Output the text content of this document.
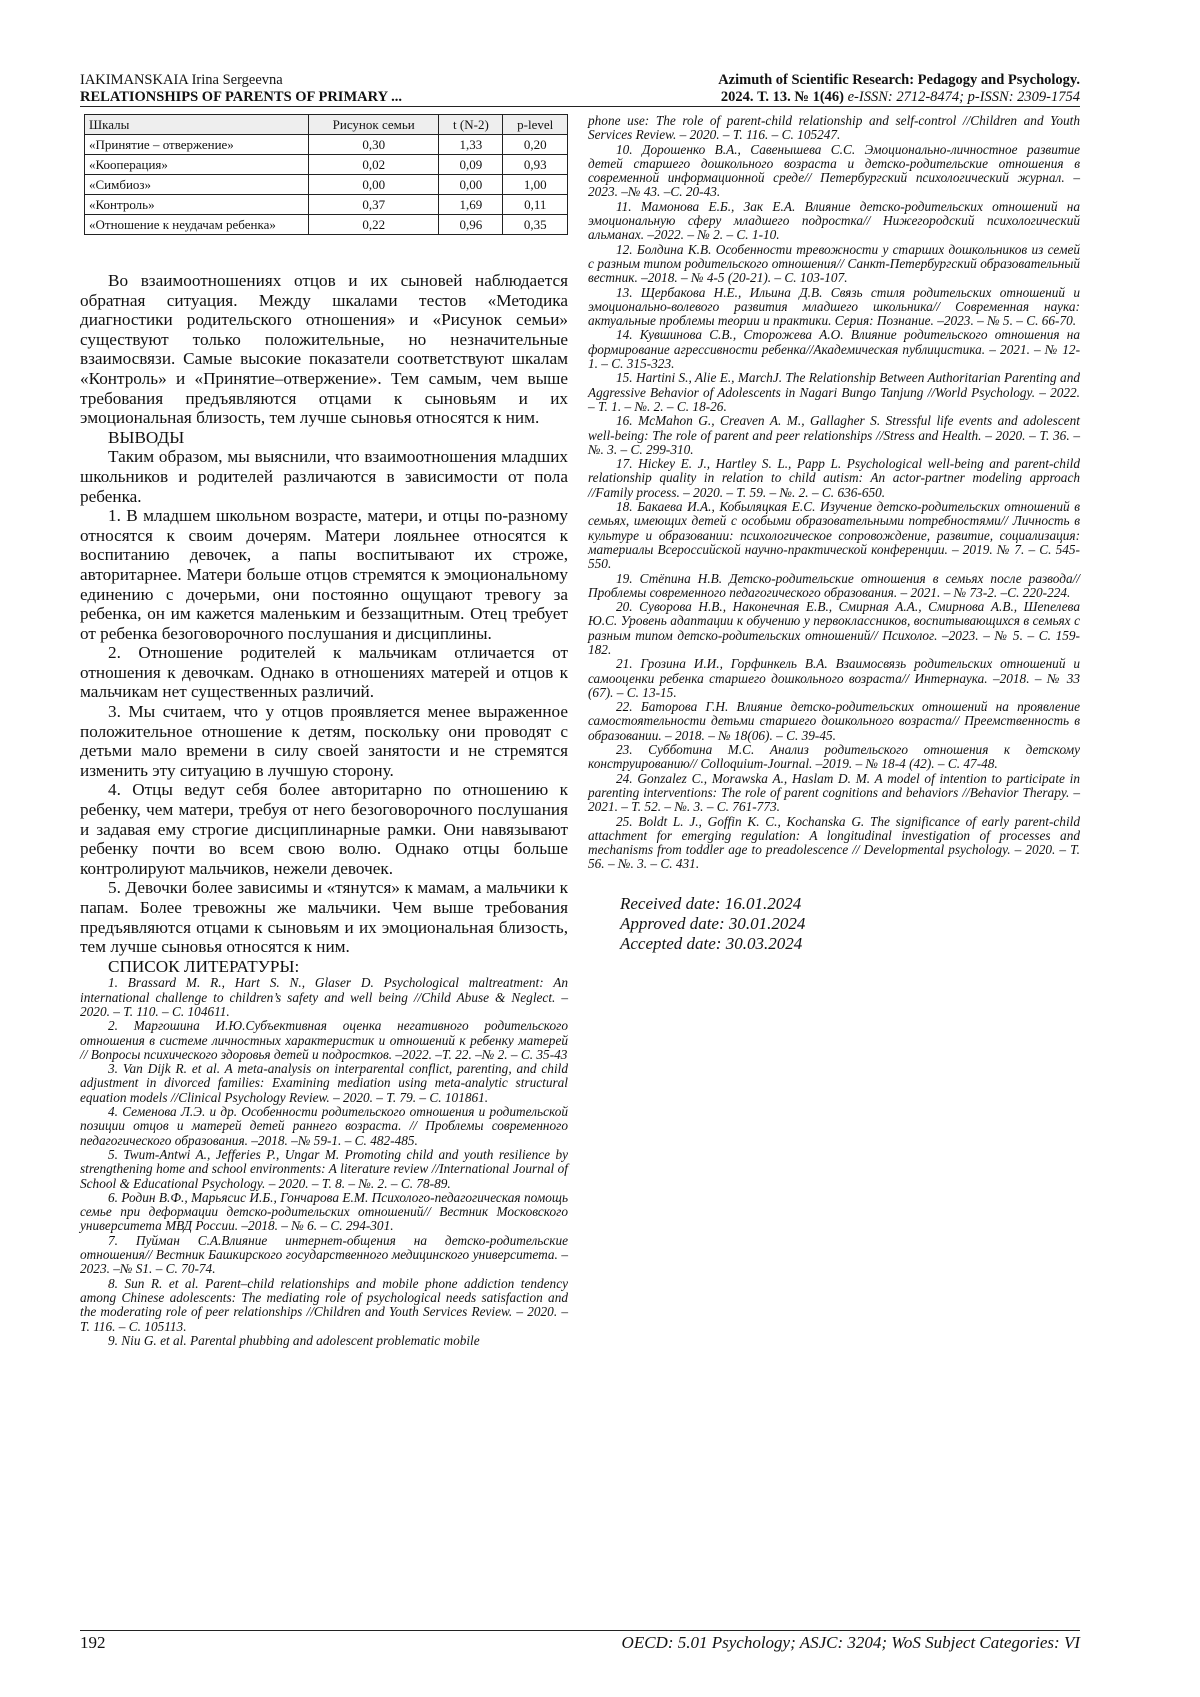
IAKIMANSKAIA Irina Sergeevna
RELATIONSHIPS OF PARENTS OF PRIMARY ...
Azimuth of Scientific Research: Pedagogy and Psychology.
2024. Т. 13. № 1(46) e-ISSN: 2712-8474; p-ISSN: 2309-1754
Шкалы	Рисунок семьи	t (N-2)	p-level
«Принятие – отвержение»	0,30	1,33	0,20
«Кооперация»	0,02	0,09	0,93
«Симбиоз»	0,00	0,00	1,00
«Контроль»	0,37	1,69	0,11
«Отношение к неудачам ребенка»	0,22	0,96	0,35

Во взаимоотношениях отцов и их сыновей наблюдается обратная ситуация. Между шкалами тестов «Методика диагностики родительского отношения» и «Рисунок семьи» существуют только положительные, но незначительные взаимосвязи. Самые высокие показатели соответствуют шкалам «Контроль» и «Принятие–отвержение». Тем самым, чем выше требования предъявляются отцами к сыновьям и их эмоциональная близость, тем лучше сыновья относятся к ним.

ВЫВОДЫ

Таким образом, мы выяснили, что взаимоотношения младших школьников и родителей различаются в зависимости от пола ребенка.

1. В младшем школьном возрасте, матери, и отцы по-разному относятся к своим дочерям. Матери лояльнее относятся к воспитанию девочек, а папы воспитывают их строже, авторитарнее. Матери больше отцов стремятся к эмоциональному единению с дочерьми, они постоянно ощущают тревогу за ребенка, он им кажется маленьким и беззащитным. Отец требует от ребенка безоговорочного послушания и дисциплины.

2. Отношение родителей к мальчикам отличается от отношения к девочкам. Однако в отношениях матерей и отцов к мальчикам нет существенных различий.

3. Мы считаем, что у отцов проявляется менее выраженное положительное отношение к детям, поскольку они проводят с детьми мало времени в силу своей занятости и не стремятся изменить эту ситуацию в лучшую сторону.

4. Отцы ведут себя более авторитарно по отношению к ребенку, чем матери, требуя от него безоговорочного послушания и задавая ему строгие дисциплинарные рамки. Они навязывают ребенку почти во всем свою волю. Однако отцы больше контролируют мальчиков, нежели девочек.

5. Девочки более зависимы и «тянутся» к мамам, а мальчики к папам. Более тревожны же мальчики. Чем выше требования предъявляются отцами к сыновьям и их эмоциональная близость, тем лучше сыновья относятся к ним.

СПИСОК ЛИТЕРАТУРЫ:

1. Brassard M. R., Hart S. N., Glaser D. Psychological maltreatment: An international challenge to children’s safety and well being //Child Abuse & Neglect. – 2020. – Т. 110. – С. 104611.

2. Маргошина И.Ю.Субъективная оценка негативного родительского отношения в системе личностных характеристик и отношений к ребенку матерей // Вопросы психического здоровья детей и подростков. –2022. –Т. 22. –№ 2. – С. 35-43

3. Van Dijk R. et al. A meta-analysis on interparental conflict, parenting, and child adjustment in divorced families: Examining mediation using meta-analytic structural equation models //Clinical Psychology Review. – 2020. – Т. 79. – С. 101861.

4. Семенова Л.Э. и др. Особенности родительского отношения и родительской позиции отцов и матерей детей раннего возраста. // Проблемы современного педагогического образования. –2018. –№ 59-1. – С. 482-485.

5. Twum-Antwi A., Jefferies P., Ungar M. Promoting child and youth resilience by strengthening home and school environments: A literature review //International Journal of School & Educational Psychology. – 2020. – Т. 8. – №. 2. – С. 78-89.

6. Родин В.Ф., Марьясис И.Б., Гончарова Е.М. Психолого-педагогическая помощь семье при деформации детско-родительских отношений// Вестник Московского университета МВД России. –2018. – № 6. – С. 294-301.

7. Пуйман С.А.Влияние интернет-общения на детско-родительские отношения// Вестник Башкирского государственного медицинского университета. –2023. –№ S1. – С. 70-74.

8. Sun R. et al. Parent–child relationships and mobile phone addiction tendency among Chinese adolescents: The mediating role of psychological needs satisfaction and the moderating role of peer relationships //Children and Youth Services Review. – 2020. – Т. 116. – С. 105113.

9. Niu G. et al. Parental phubbing and adolescent problematic mobile

phone use: The role of parent-child relationship and self-control //Children and Youth Services Review. – 2020. – Т. 116. – С. 105247.

10. Дорошенко В.А., Савенышева С.С. Эмоционально-личностное развитие детей старшего дошкольного возраста и детско-родительские отношения в современной информационной среде// Петербургский психологический журнал. – 2023. –№ 43. –С. 20-43.

11. Мамонова Е.Б., Зак Е.А. Влияние детско-родительских отношений на эмоциональную сферу младшего подростка// Нижегородский психологический альманах. –2022. – № 2. – С. 1-10.

12. Болдина К.В. Особенности тревожности у старших дошкольников из семей с разным типом родительского отношения// Санкт-Петербургский образовательный вестник. –2018. – № 4-5 (20-21). – С. 103-107.

13. Щербакова Н.Е., Ильина Д.В. Связь стиля родительских отношений и эмоционально-волевого развития младшего школьника// Современная наука: актуальные проблемы теории и практики. Серия: Познание. –2023. – № 5. – С. 66-70.

14. Кувшинова С.В., Сторожева А.О. Влияние родительского отношения на формирование агрессивности ребенка//Академическая публицистика. – 2021. – № 12-1. – С. 315-323.

15. Hartini S., Alie E., MarchJ. The Relationship Between Authoritarian Parenting and Aggressive Behavior of Adolescents in Nagari Bungo Tanjung //World Psychology. – 2022. – Т. 1. – №. 2. – С. 18-26.

16. McMahon G., Creaven A. M., Gallagher S. Stressful life events and adolescent well-being: The role of parent and peer relationships //Stress and Health. – 2020. – Т. 36. – №. 3. – С. 299-310.

17. Hickey E. J., Hartley S. L., Papp L. Psychological well-being and parent-child relationship quality in relation to child autism: An actor-partner modeling approach //Family process. – 2020. – Т. 59. – №. 2. – С. 636-650.

18. Бакаева И.А., Кобыляцкая Е.С. Изучение детско-родительских отношений в семьях, имеющих детей с особыми образовательными потребностями// Личность в культуре и образовании: психологическое сопровождение, развитие, социализация: материалы Всероссийской научно-практической конференции. – 2019. № 7. – С. 545-550.

19. Стёпина Н.В. Детско-родительские отношения в семьях после развода// Проблемы современного педагогического образования. – 2021. – № 73-2. –С. 220-224.

20. Суворова Н.В., Наконечная Е.В., Смирная А.А., Смирнова А.В., Шепелева Ю.С. Уровень адаптации к обучению у первоклассников, воспитывающихся в семьях с разным типом детско-родительских отношений// Психолог. –2023. – № 5. – С. 159-182.

21. Грозина И.И., Горфинкель В.А. Взаимосвязь родительских отношений и самооценки ребенка старшего дошкольного возраста// Интернаука. –2018. – № 33 (67). – С. 13-15.

22. Баторова Г.Н. Влияние детско-родительских отношений на проявление самостоятельности детьми старшего дошкольного возраста// Преемственность в образовании. – 2018. – № 18(06). – С. 39-45.

23. Субботина М.С. Анализ родительского отношения к детскому конструированию// Colloquium-Journal. –2019. – № 18-4 (42). – С. 47-48.

24. Gonzalez C., Morawska A., Haslam D. M. A model of intention to participate in parenting interventions: The role of parent cognitions and behaviors //Behavior Therapy. – 2021. – Т. 52. – №. 3. – С. 761-773.

25. Boldt L. J., Goffin K. C., Kochanska G. The significance of early parent-child attachment for emerging regulation: A longitudinal investigation of processes and mechanisms from toddler age to preadolescence // Developmental psychology. – 2020. – Т. 56. – №. 3. – С. 431.

Received date: 16.01.2024
Approved date: 30.01.2024
Accepted date: 30.03.2024
192	OECD: 5.01 Psychology; ASJC: 3204; WoS Subject Categories: VI
